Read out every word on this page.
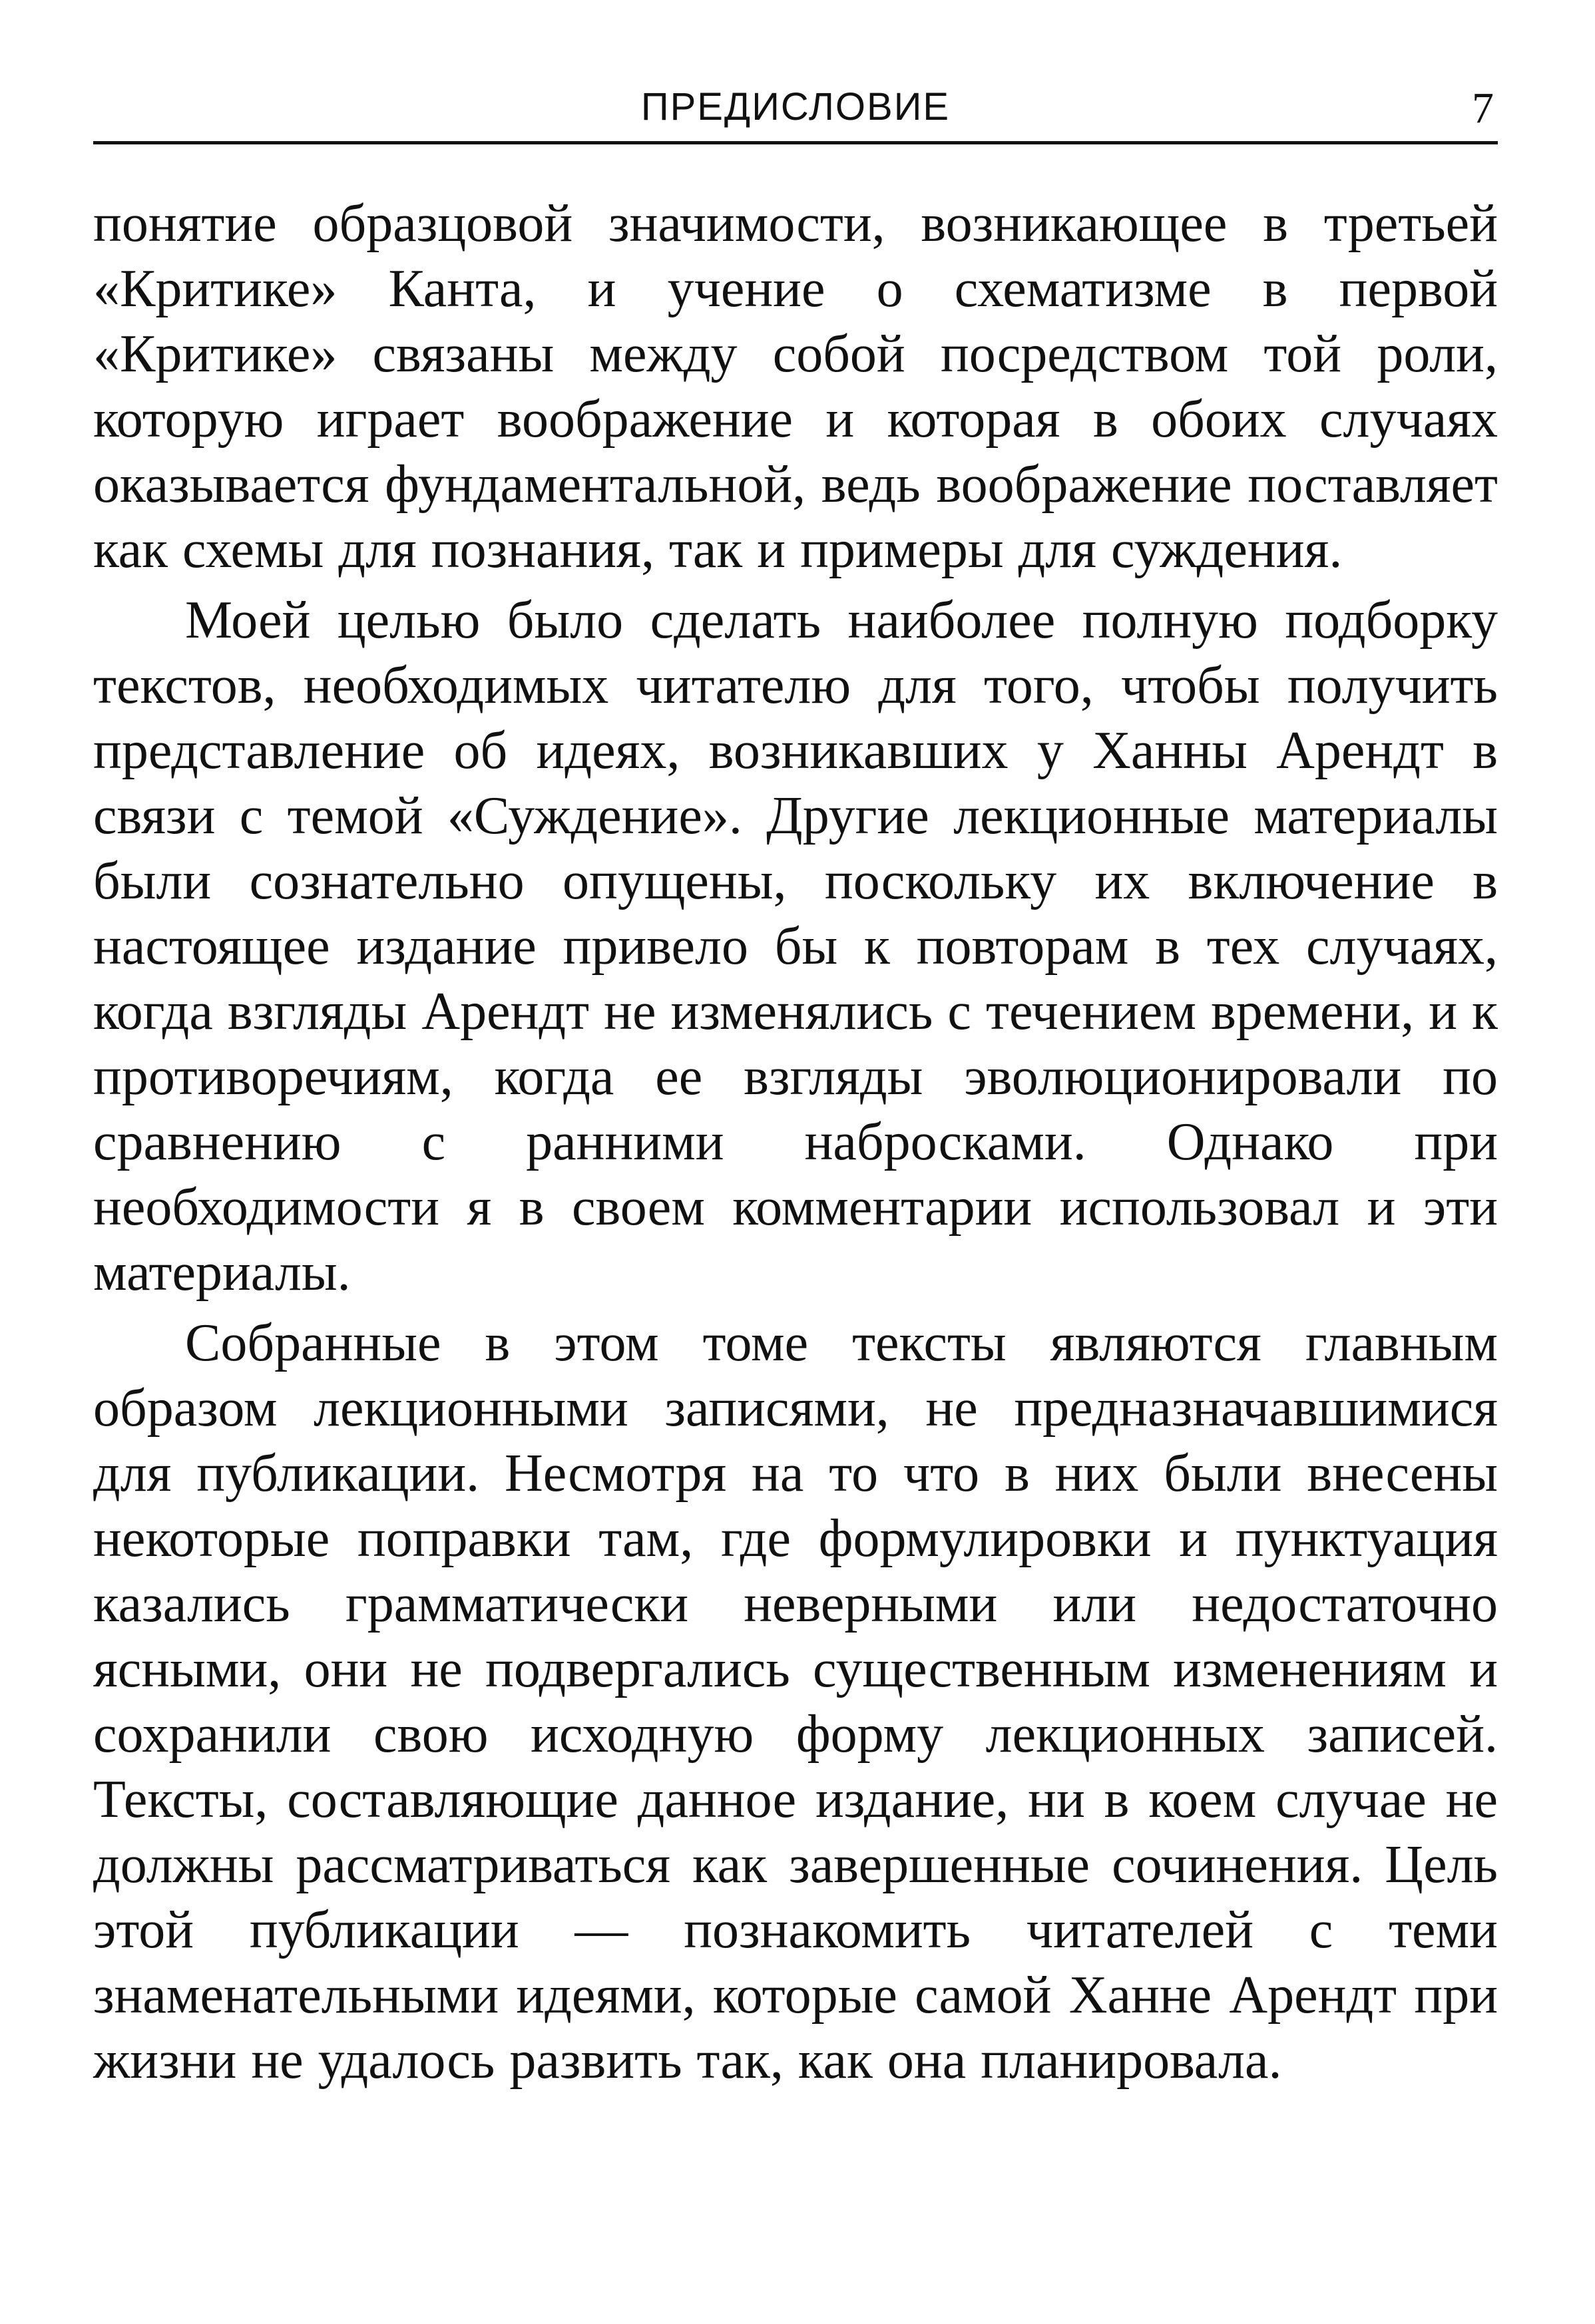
ПРЕДИСЛОВИЕ	7

понятие образцовой значимости, возникающее в третьей «Критике» Канта, и учение о схематизме в первой «Критике» связаны между собой посредством той роли, которую играет воображение и которая в обоих случаях оказывается фундаментальной, ведь воображение поставляет как схемы для познания, так и примеры для суждения.

Моей целью было сделать наиболее полную подборку текстов, необходимых читателю для того, чтобы получить представление об идеях, возникавших у Ханны Арендт в связи с темой «Суждение». Другие лекционные материалы были сознательно опущены, поскольку их включение в настоящее издание привело бы к повторам в тех случаях, когда взгляды Арендт не изменялись с течением времени, и к противоречиям, когда ее взгляды эволюционировали по сравнению с ранними набросками. Однако при необходимости я в своем комментарии использовал и эти материалы.

Собранные в этом томе тексты являются главным образом лекционными записями, не предназначавшимися для публикации. Несмотря на то что в них были внесены некоторые поправки там, где формулировки и пунктуация казались грамматически неверными или недостаточно ясными, они не подвергались существенным изменениям и сохранили свою исходную форму лекционных записей. Тексты, составляющие данное издание, ни в коем случае не должны рассматриваться как завершенные сочинения. Цель этой публикации — познакомить читателей с теми знаменательными идеями, которые самой Ханне Арендт при жизни не удалось развить так, как она планировала.
